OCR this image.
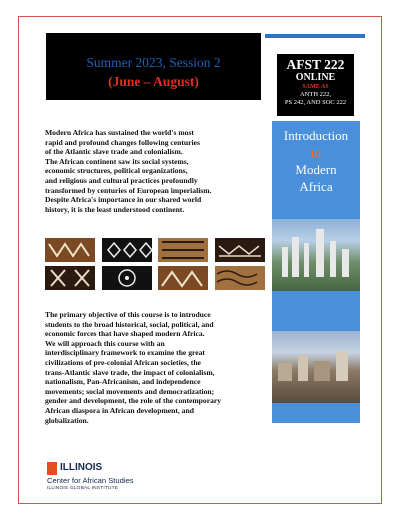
Summer 2023, Session 2
(June – August)
AFST 222
ONLINE
SAME AS
ANTH 222,
PS 242, AND SOC 222
Introduction
to
Modern
Africa
Modern Africa has sustained the world's most
rapid and profound changes following centuries
of the Atlantic slave trade and colonialism.
The African continent saw its social systems,
economic structures, political organizations,
and religious and cultural practices profoundly
transformed by centuries of European imperialism.
Despite Africa's importance in our shared world
history, it is the least understood continent.
The primary objective of this course is to introduce
students to the broad historical, social, political, and
economic forces that have shaped modern Africa.
We will approach this course with an
interdisciplinary framework to examine the great
civilizations of pre-colonial African societies, the
trans-Atlantic slave trade, the impact of colonialism,
nationalism, Pan-Africanism, and independence
movements; social movements and democratization;
gender and development, the role of the contemporary
African diaspora in African development, and
globalization.
ILLINOIS
Center for African Studies
ILLINOIS GLOBAL INSTITUTE
